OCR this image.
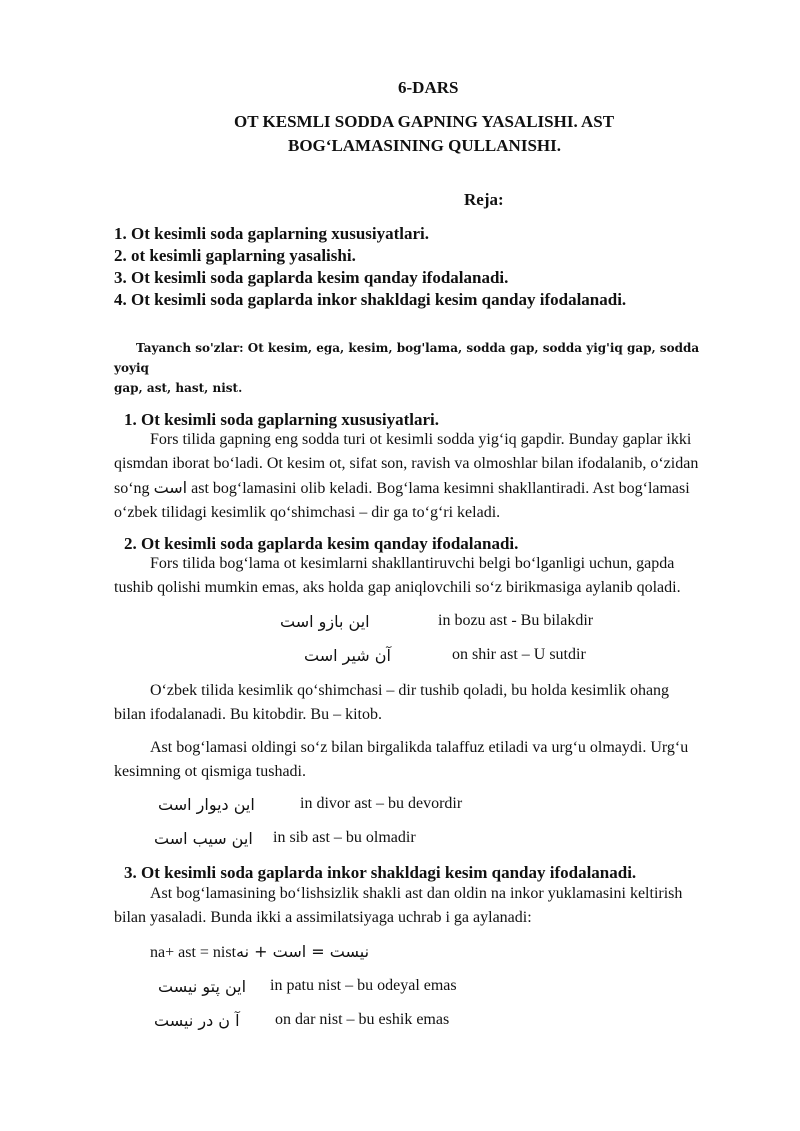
6-DARS
OT KESMLI SODDA GAPNING YASALISHI. AST
BOG‘LAMASINING QULLANISHI.
Reja:
1. Ot kesimli soda gaplarning xususiyatlari.
2. ot kesimli gaplarning yasalishi.
3. Ot kesimli soda gaplarda kesim qanday ifodalanadi.
4. Ot kesimli soda gaplarda inkor shakldagi kesim qanday ifodalanadi.
Tayanch so'zlar: Ot kesim, ega, kesim, bog'lama, sodda gap, sodda yig'iq gap, sodda yoyiq
gap, ast, hast, nist.
1. Ot kesimli soda gaplarning xususiyatlari.
Fors tilida gapning eng sodda turi ot kesimli sodda yig‘iq gapdir. Bunday gaplar ikki
qismdan iborat bo‘ladi. Ot kesim ot, sifat son, ravish va olmoshlar bilan ifodalanib, o‘zidan
so‘ng است ast bog‘lamasini olib keladi. Bog‘lama kesimni shakllantiradi. Ast bog‘lamasi
o‘zbek tilidagi kesimlik qo‘shimchasi – dir ga to‘g‘ri keladi.
2. Ot kesimli soda gaplarda kesim qanday ifodalanadi.
Fors tilida bog‘lama ot kesimlarni shakllantiruvchi belgi bo‘lganligi uchun, gapda
tushib qolishi mumkin emas, aks holda gap aniqlovchili so‘z birikmasiga aylanib qoladi.
این بازو است	in bozu ast - Bu bilakdir
آن شیر است	on shir ast – U sutdir
O‘zbek tilida kesimlik qo‘shimchasi – dir tushib qoladi, bu holda kesimlik ohang
bilan ifodalanadi. Bu kitobdir. Bu – kitob.
Ast bog‘lamasi oldingi so‘z bilan birgalikda talaffuz etiladi va urg‘u olmaydi. Urg‘u
kesimning ot qismiga tushadi.
این دیوار است	in divor ast – bu devordir
این سیب است in sib ast – bu olmadir
3. Ot kesimli soda gaplarda inkor shakldagi kesim qanday ifodalanadi.
Ast bog‘lamasining bo‘lishsizlik shakli ast dan oldin na inkor yuklamasini keltirish
bilan yasaladi. Bunda ikki a assimilatsiyaga uchrab i ga aylanadi:
na+ ast = nistنیست = است + نه
این پتو نیست in patu nist – bu odeyal emas
آ ن در نیست on dar nist – bu eshik emas
